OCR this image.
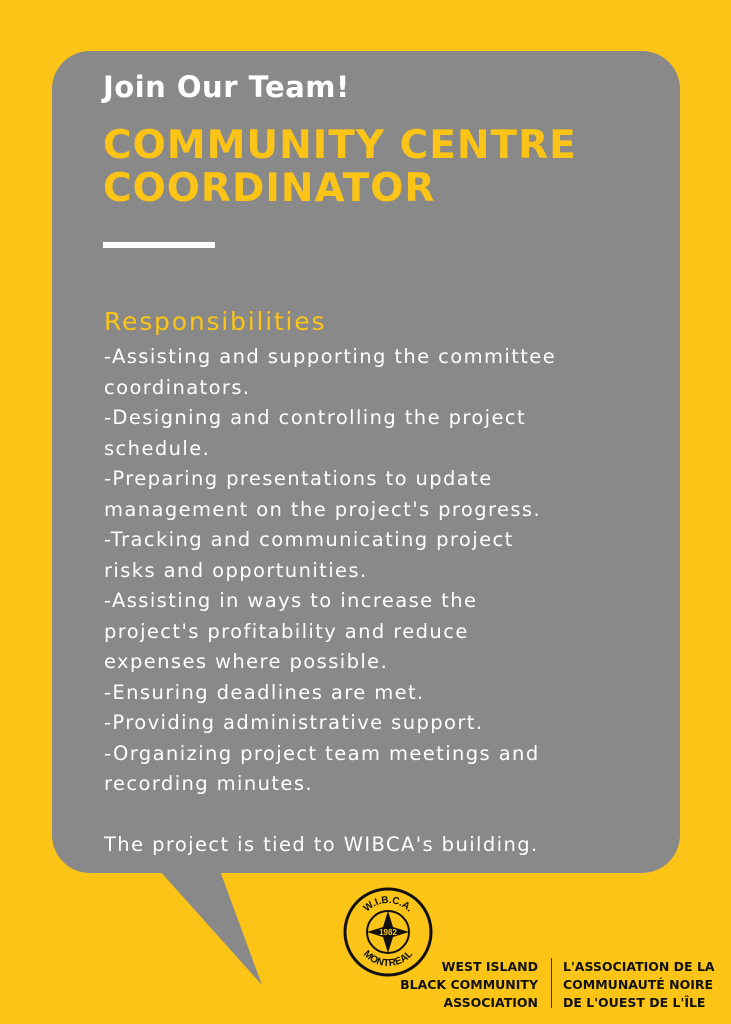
Join Our Team!
COMMUNITY CENTRE
COORDINATOR
Responsibilities
-Assisting and supporting the committee
coordinators.
-Designing and controlling the project
schedule.
-Preparing presentations to update
management on the project's progress.
-Tracking and communicating project
risks and opportunities.
-Assisting in ways to increase the
project's profitability and reduce
expenses where possible.
-Ensuring deadlines are met.
-Providing administrative support.
-Organizing project team meetings and
recording minutes.

The project is tied to WIBCA's building.

W.I.B.C.A.
MONTREAL
1982
WEST ISLAND
BLACK COMMUNITY
ASSOCIATION
L'ASSOCIATION DE LA
COMMUNAUTÉ NOIRE
DE L'OUEST DE L'ÎLE
